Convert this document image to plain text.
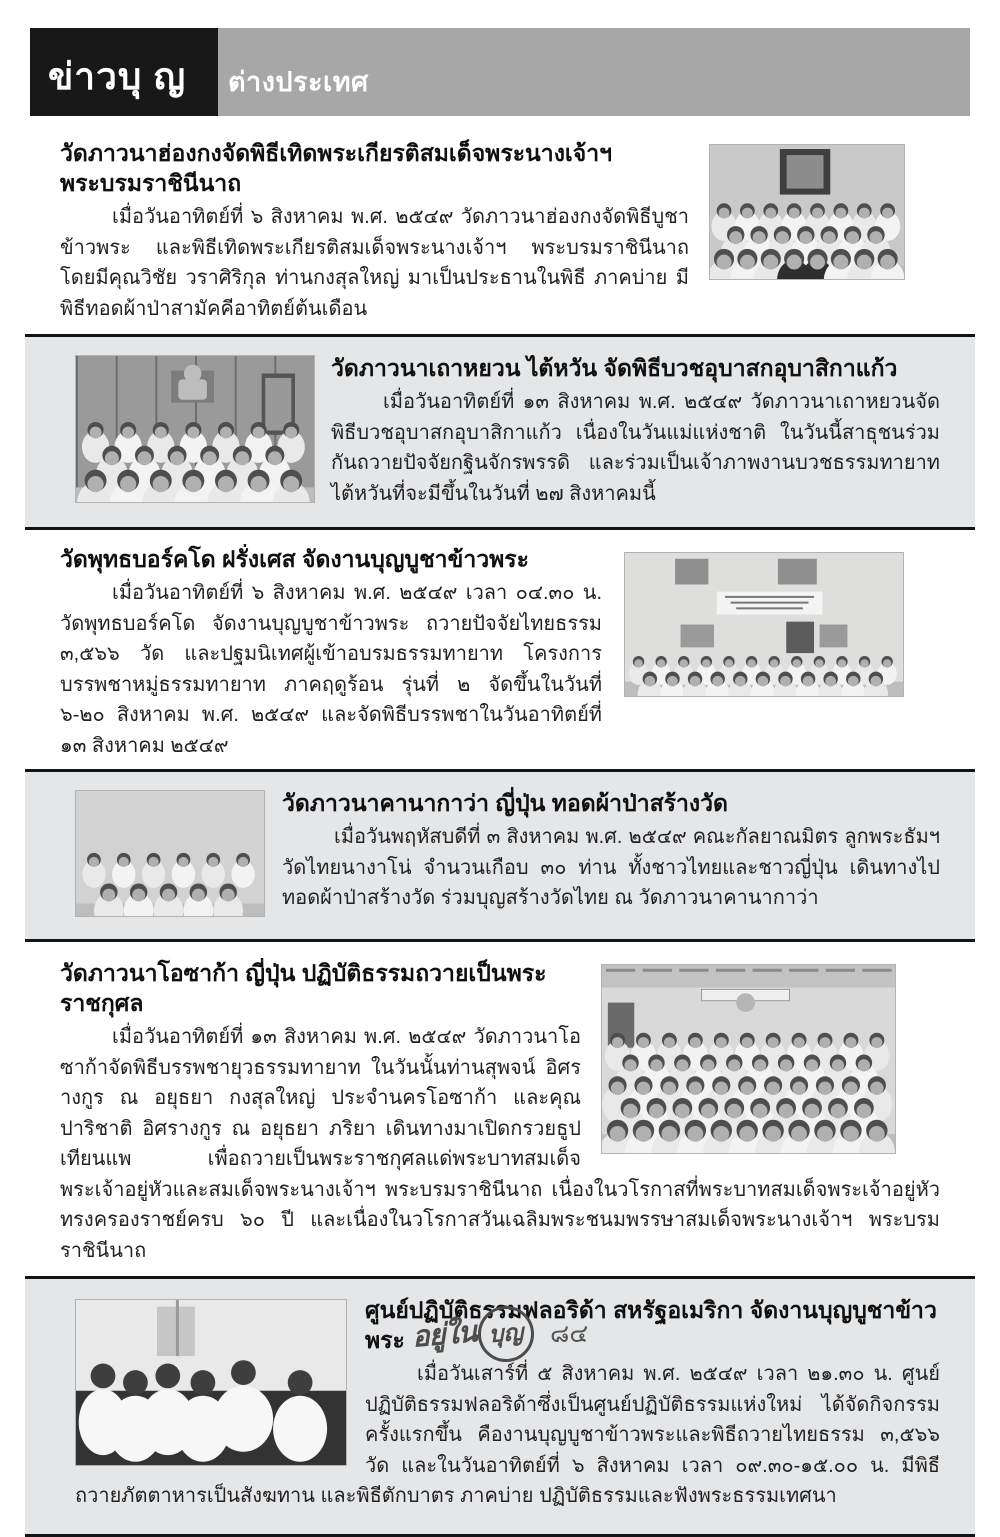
ข่าวบุ ญ	ต่างประเทศ
วัดภาวนาฮ่องกงจัดพิธีเทิดพระเกียรติสมเด็จพระนางเจ้าฯ พระบรมราชินีนาถ

เมื่อวันอาทิตย์ที่ ๖ สิงหาคม พ.ศ. ๒๕๔๙ วัดภาวนาฮ่องกงจัดพิธีบูชาข้าวพระ และพิธีเทิดพระเกียรติสมเด็จพระนางเจ้าฯ พระบรมราชินีนาถ โดยมีคุณวิชัย วราศิริกุล ท่านกงสุลใหญ่ มาเป็นประธานในพิธี ภาคบ่าย มีพิธีทอดผ้าป่าสามัคคีอาทิตย์ต้นเดือน

วัดภาวนาเถาหยวน ไต้หวัน จัดพิธีบวชอุบาสกอุบาสิกาแก้ว

เมื่อวันอาทิตย์ที่ ๑๓ สิงหาคม พ.ศ. ๒๕๔๙ วัดภาวนาเถาหยวนจัดพิธีบวชอุบาสกอุบาสิกาแก้ว เนื่องในวันแม่แห่งชาติ ในวันนี้สาธุชนร่วมกันถวายปัจจัยกฐินจักรพรรดิ และร่วมเป็นเจ้าภาพงานบวชธรรมทายาทไต้หวันที่จะมีขึ้นในวันที่ ๒๗ สิงหาคมนี้

วัดพุทธบอร์คโด ฝรั่งเศส จัดงานบุญบูชาข้าวพระ

เมื่อวันอาทิตย์ที่ ๖ สิงหาคม พ.ศ. ๒๕๔๙ เวลา ๐๔.๓๐ น. วัดพุทธบอร์คโด จัดงานบุญบูชาข้าวพระ ถวายปัจจัยไทยธรรม ๓,๕๖๖ วัด และปฐมนิเทศผู้เข้าอบรมธรรมทายาท โครงการบรรพชาหมู่ธรรมทายาท ภาคฤดูร้อน รุ่นที่ ๒ จัดขึ้นในวันที่ ๖-๒๐ สิงหาคม พ.ศ. ๒๕๔๙ และจัดพิธีบรรพชาในวันอาทิตย์ที่ ๑๓ สิงหาคม ๒๕๔๙

วัดภาวนาคานากาว่า ญี่ปุ่น ทอดผ้าป่าสร้างวัด

เมื่อวันพฤหัสบดีที่ ๓ สิงหาคม พ.ศ. ๒๕๔๙ คณะกัลยาณมิตร ลูกพระธัมฯ วัดไทยนางาโน่ จำนวนเกือบ ๓๐ ท่าน ทั้งชาวไทยและชาวญี่ปุ่น เดินทางไปทอดผ้าป่าสร้างวัด ร่วมบุญสร้างวัดไทย ณ วัดภาวนาคานากาว่า

วัดภาวนาโอซาก้า ญี่ปุ่น ปฏิบัติธรรมถวายเป็นพระราชกุศล

เมื่อวันอาทิตย์ที่ ๑๓ สิงหาคม พ.ศ. ๒๕๔๙ วัดภาวนาโอซาก้าจัดพิธีบรรพชายุวธรรมทายาท ในวันนั้นท่านสุพจน์ อิศรางกูร ณ อยุธยา กงสุลใหญ่ ประจำนครโอซาก้า และคุณปาริชาติ อิศรางกูร ณ อยุธยา ภริยา เดินทางมาเปิดกรวยธูปเทียนแพ เพื่อถวายเป็นพระราชกุศลแด่พระบาทสมเด็จพระเจ้าอยู่หัวและสมเด็จพระนางเจ้าฯ พระบรมราชินีนาถ เนื่องในวโรกาสที่พระบาทสมเด็จพระเจ้าอยู่หัวทรงครองราชย์ครบ ๖๐ ปี และเนื่องในวโรกาสวันเฉลิมพระชนมพรรษาสมเด็จพระนางเจ้าฯ พระบรมราชินีนาถ

ศูนย์ปฏิบัติธรรมฟลอริด้า สหรัฐอเมริกา จัดงานบุญบูชาข้าวพระ

เมื่อวันเสาร์ที่ ๕ สิงหาคม พ.ศ. ๒๕๔๙ เวลา ๒๑.๓๐ น. ศูนย์ปฏิบัติธรรมฟลอริด้าซึ่งเป็นศูนย์ปฏิบัติธรรมแห่งใหม่ ได้จัดกิจกรรมครั้งแรกขึ้น คืองานบุญบูชาข้าวพระและพิธีถวายไทยธรรม ๓,๕๖๖ วัด และในวันอาทิตย์ที่ ๖ สิงหาคม เวลา ๐๙.๓๐-๑๕.๐๐ น. มีพิธีถวายภัตตาหารเป็นสังฆทาน และพิธีตักบาตร ภาคบ่าย ปฏิบัติธรรมและฟังพระธรรมเทศนา

อยู่ใน บุญ	๘๔
